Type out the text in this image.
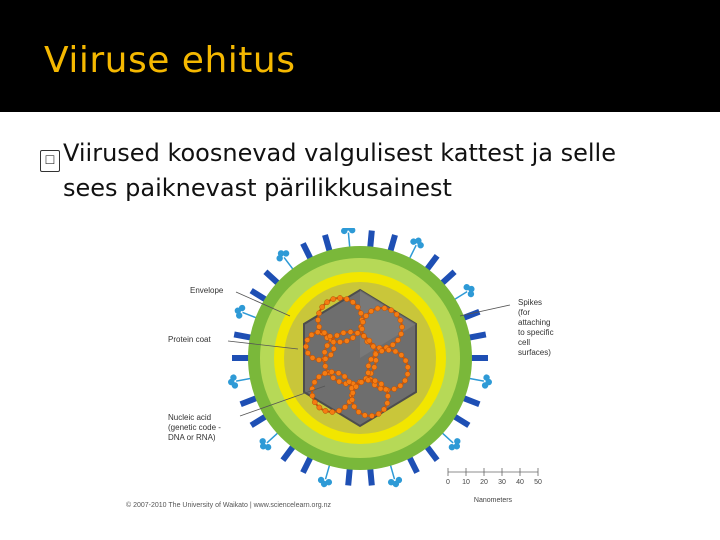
Viiruse ehitus
☐ Viirused koosnevad valgulisest kattest ja selle
sees paiknevast pärilikkusainest
0 10 20 30 40 50
Nanometers
Envelope
Protein coat
Nucleic acid
(genetic code -
DNA or RNA)
Spikes
(for attaching
to specific cell
surfaces)
© 2007-2010 The University of Waikato | www.sciencelearn.org.nz
